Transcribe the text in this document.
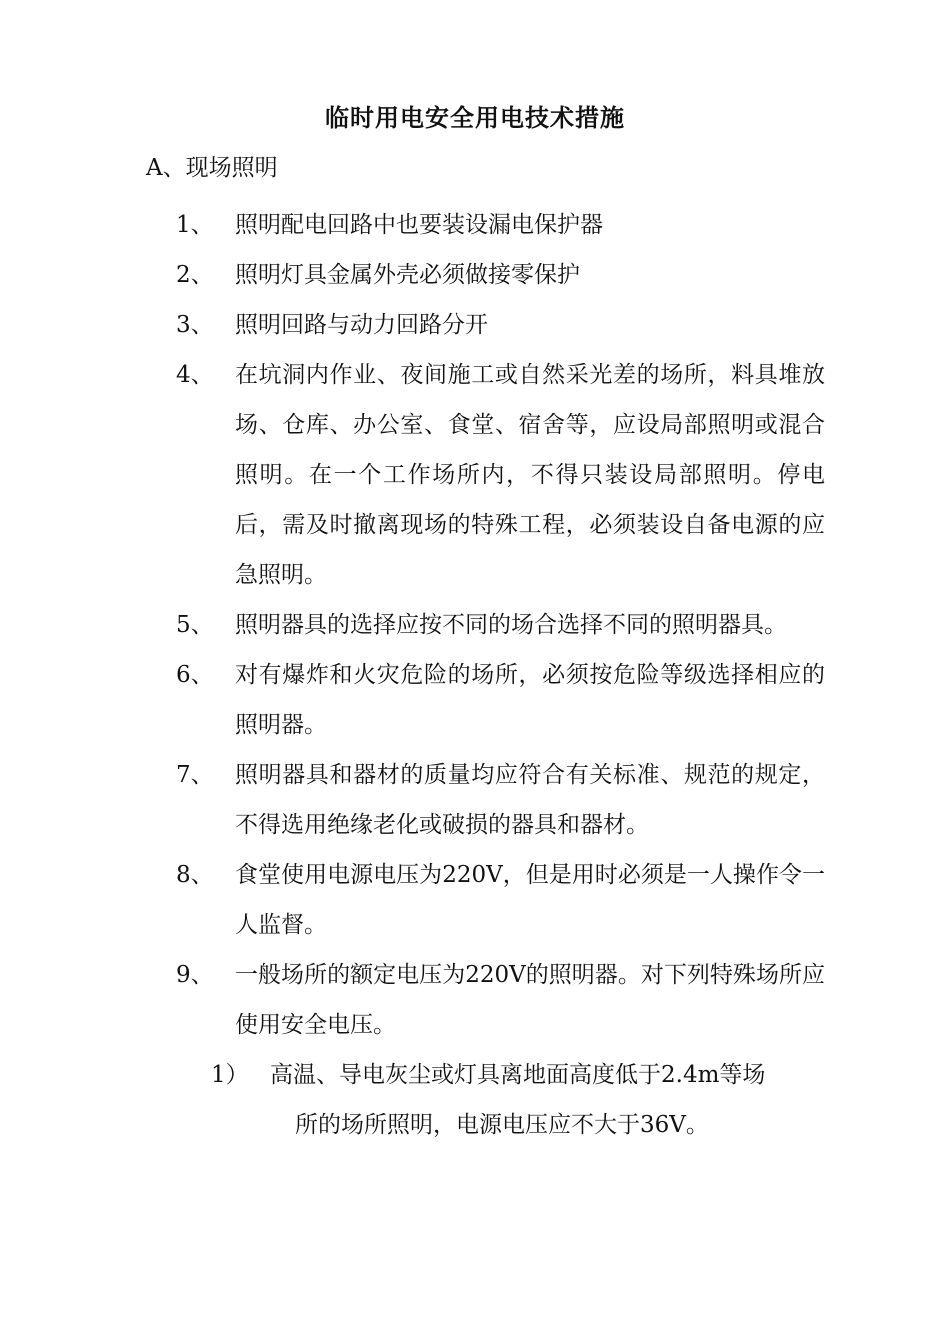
临时用电安全用电技术措施
A、现场照明
1、 照明配电回路中也要装设漏电保护器
2、 照明灯具金属外壳必须做接零保护
3、 照明回路与动力回路分开
4、 在坑洞内作业、夜间施工或自然采光差的场所，料具堆放场、仓库、办公室、食堂、宿舍等，应设局部照明或混合照明。在一个工作场所内，不得只装设局部照明。停电后，需及时撤离现场的特殊工程，必须装设自备电源的应急照明。
5、 照明器具的选择应按不同的场合选择不同的照明器具。
6、 对有爆炸和火灾危险的场所，必须按危险等级选择相应的照明器。
7、 照明器具和器材的质量均应符合有关标准、规范的规定，不得选用绝缘老化或破损的器具和器材。
8、 食堂使用电源电压为220V，但是用时必须是一人操作令一人监督。
9、 一般场所的额定电压为220V的照明器。对下列特殊场所应使用安全电压。
1） 高温、导电灰尘或灯具离地面高度低于2.4m等场
所的场所照明，电源电压应不大于36V。
